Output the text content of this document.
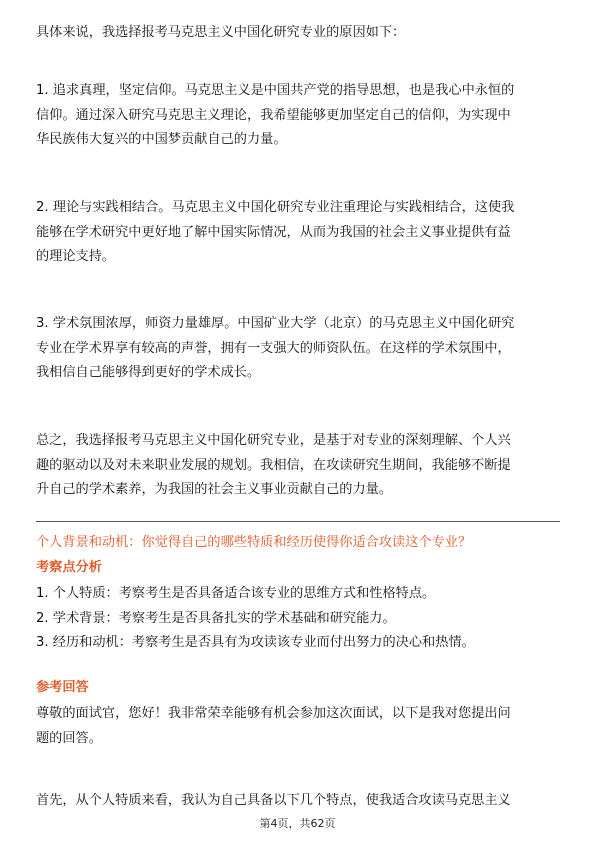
具体来说，我选择报考马克思主义中国化研究专业的原因如下：

1. 追求真理，坚定信仰。马克思主义是中国共产党的指导思想，也是我心中永恒的
信仰。通过深入研究马克思主义理论，我希望能够更加坚定自己的信仰，为实现中
华民族伟大复兴的中国梦贡献自己的力量。

2. 理论与实践相结合。马克思主义中国化研究专业注重理论与实践相结合，这使我
能够在学术研究中更好地了解中国实际情况，从而为我国的社会主义事业提供有益
的理论支持。

3. 学术氛围浓厚，师资力量雄厚。中国矿业大学（北京）的马克思主义中国化研究
专业在学术界享有较高的声誉，拥有一支强大的师资队伍。在这样的学术氛围中，
我相信自己能够得到更好的学术成长。

总之，我选择报考马克思主义中国化研究专业，是基于对专业的深刻理解、个人兴
趣的驱动以及对未来职业发展的规划。我相信，在攻读研究生期间，我能够不断提
升自己的学术素养，为我国的社会主义事业贡献自己的力量。

个人背景和动机：你觉得自己的哪些特质和经历使得你适合攻读这个专业？

考察点分析

1. 个人特质：考察考生是否具备适合该专业的思维方式和性格特点。
2. 学术背景：考察考生是否具备扎实的学术基础和研究能力。
3. 经历和动机：考察考生是否具有为攻读该专业而付出努力的决心和热情。

参考回答

尊敬的面试官，您好！我非常荣幸能够有机会参加这次面试，以下是我对您提出问
题的回答。

首先，从个人特质来看，我认为自己具备以下几个特点，使我适合攻读马克思主义

第4页，共62页
